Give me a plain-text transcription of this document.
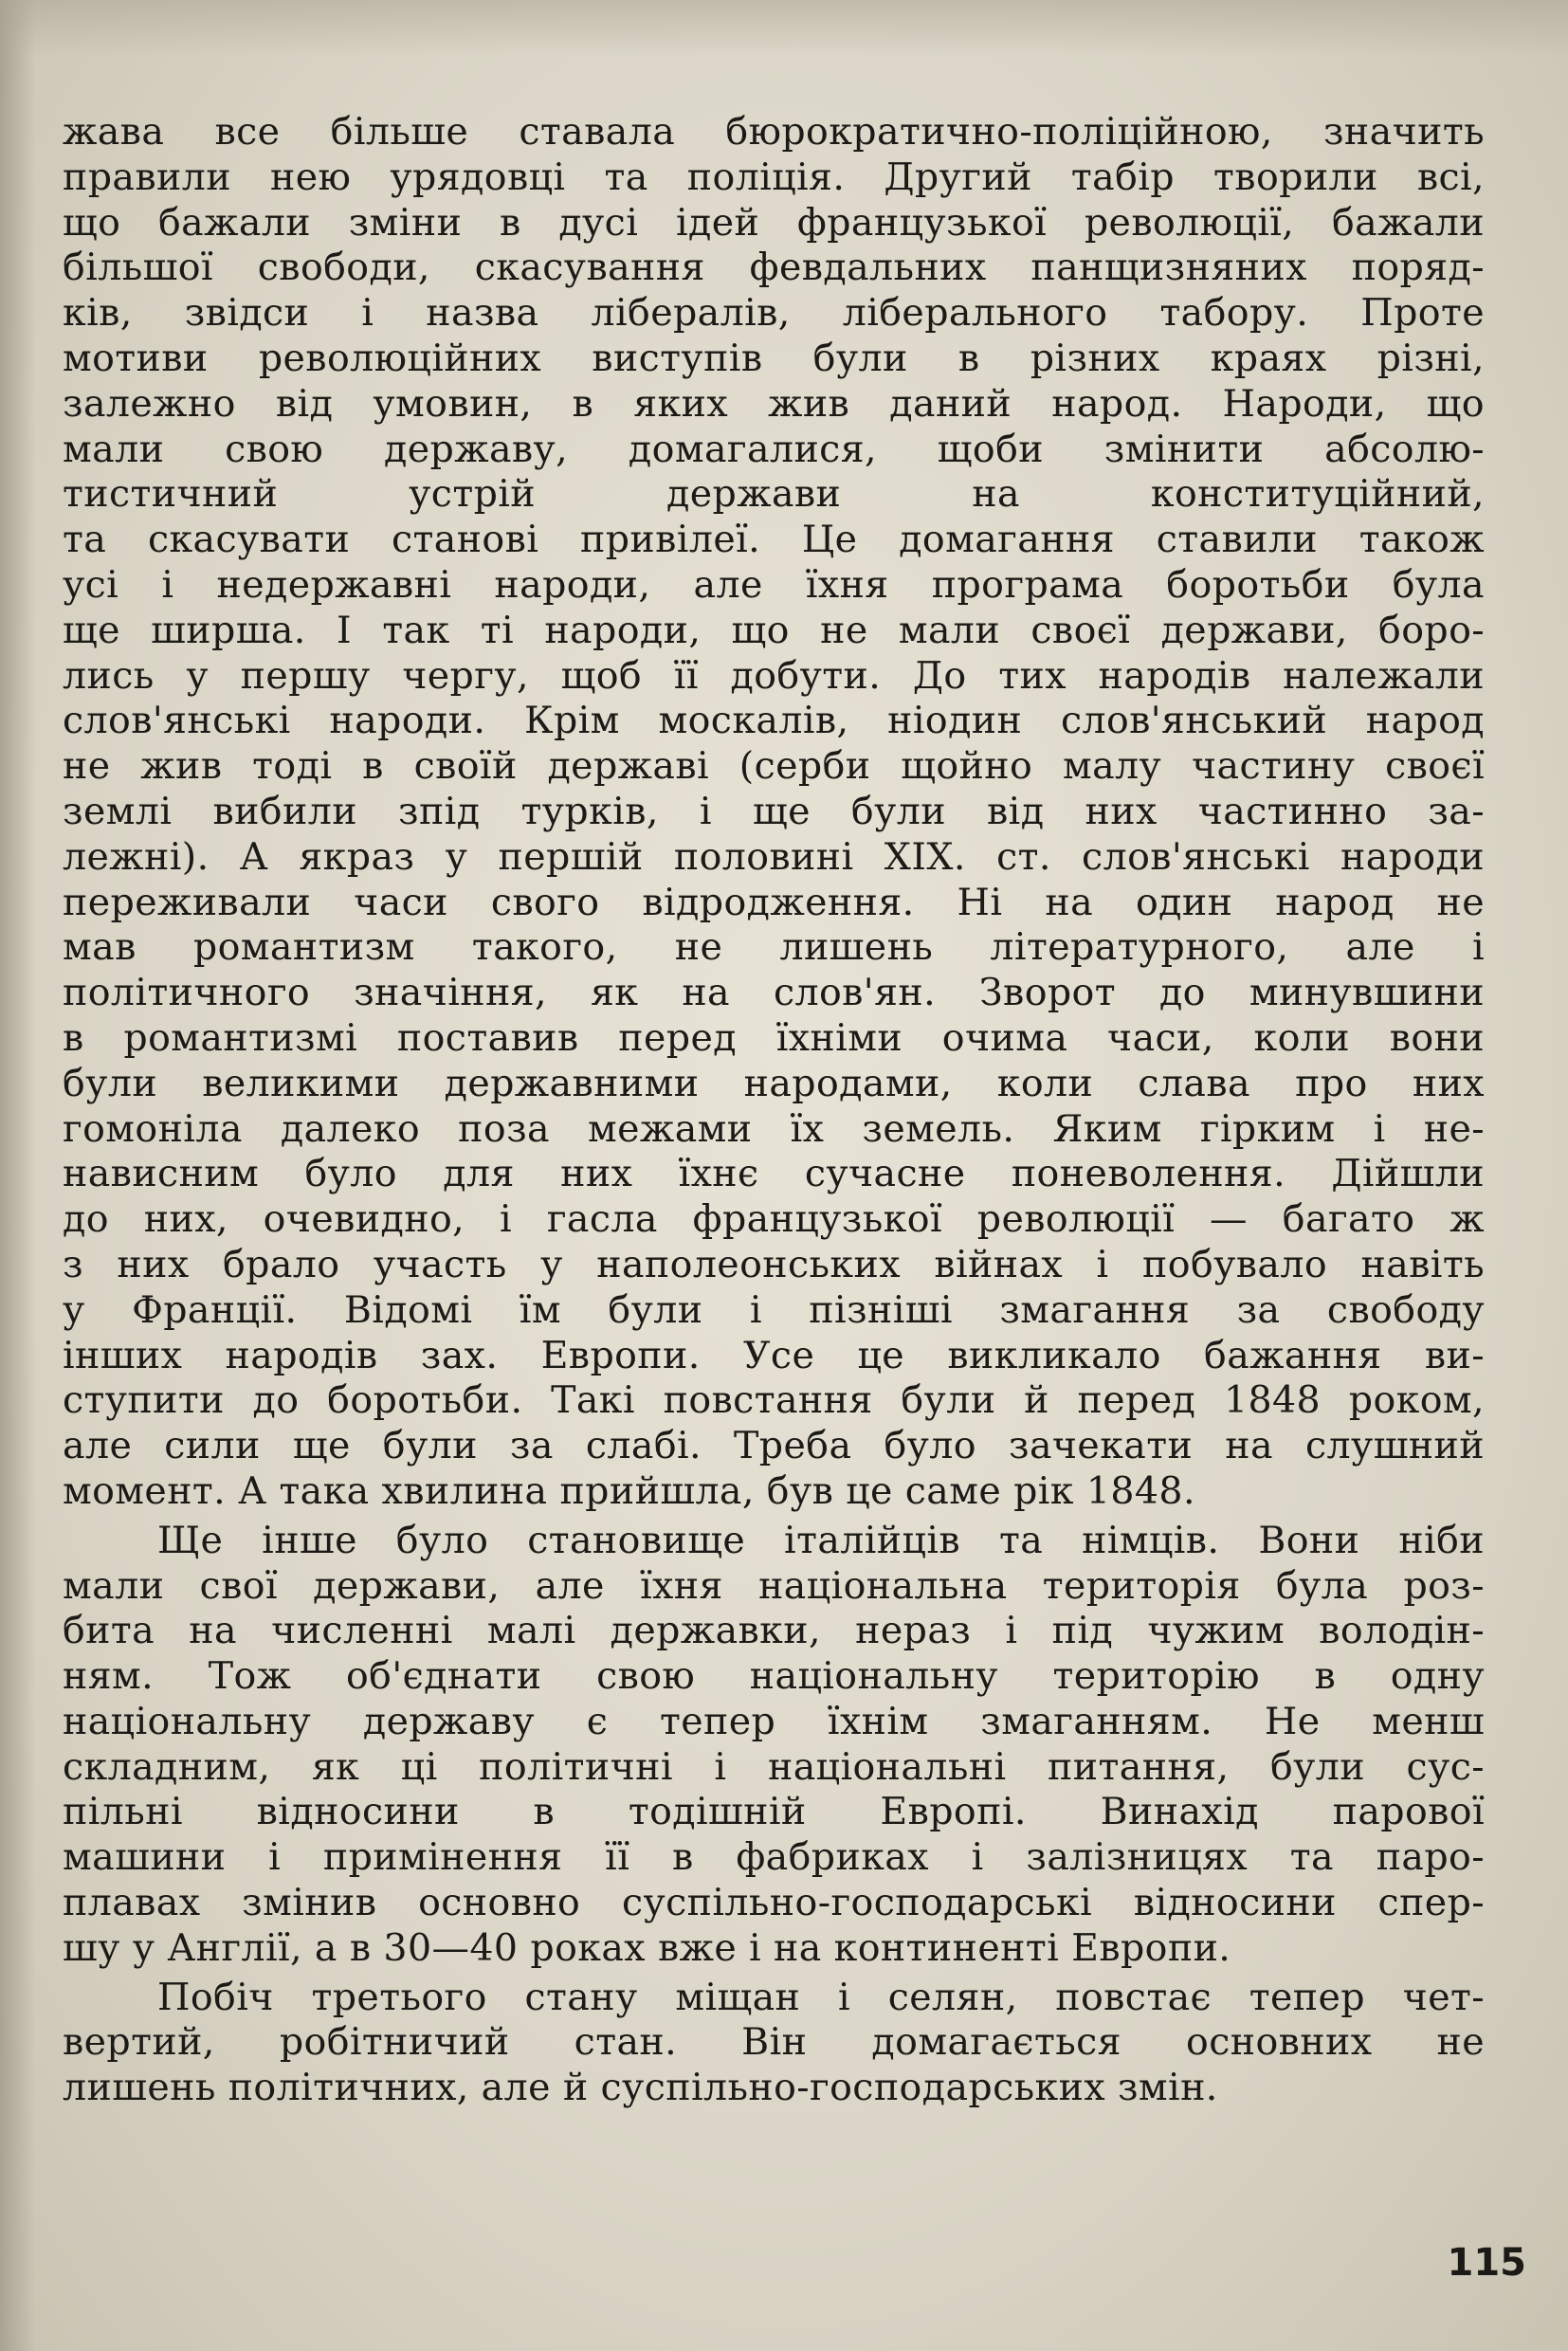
жава все більше ставала бюрократично-поліційною, значить
правили нею урядовці та поліція. Другий табір творили всі,
що бажали зміни в дусі ідей французької революції, бажали
більшої свободи, скасування февдальних панщизняних поряд-
ків, звідси і назва лібералів, ліберального табору. Проте
мотиви революційних виступів були в різних краях різні,
залежно від умовин, в яких жив даний народ. Народи, що
мали свою державу, домагалися, щоби змінити абсолю-
тистичний устрій держави на конституційний,
та скасувати станові привілеї. Це домагання ставили також
усі і недержавні народи, але їхня програма боротьби була
ще ширша. І так ті народи, що не мали своєї держави, боро-
лись у першу чергу, щоб її добути. До тих народів належали
слов'янські народи. Крім москалів, ніодин слов'янський народ
не жив тоді в своїй державі (серби щойно малу частину своєї
землі вибили зпід турків, і ще були від них частинно за-
лежні). А якраз у першій половині XIX. ст. слов'янські народи
переживали часи свого відродження. Ні на один народ не
мав романтизм такого, не лишень літературного, але і
політичного значіння, як на слов'ян. Зворот до минувшини
в романтизмі поставив перед їхніми очима часи, коли вони
були великими державними народами, коли слава про них
гомоніла далеко поза межами їх земель. Яким гірким і не-
нависним було для них їхнє сучасне поневолення. Дійшли
до них, очевидно, і гасла французької революції — багато ж
з них брало участь у наполеонських війнах і побувало навіть
у Франції. Відомі їм були і пізніші змагання за свободу
інших народів зах. Европи. Усе це викликало бажання ви-
ступити до боротьби. Такі повстання були й перед 1848 роком,
але сили ще були за слабі. Треба було зачекати на слушний
момент. А така хвилина прийшла, був це саме рік 1848.
Ще інше було становище італійців та німців. Вони ніби
мали свої держави, але їхня національна територія була роз-
бита на численні малі державки, нераз і під чужим володін-
ням. Тож об'єднати свою національну територію в одну
національну державу є тепер їхнім змаганням. Не менш
складним, як ці політичні і національні питання, були сус-
пільні відносини в тодішній Европі. Винахід парової
машини і примінення її в фабриках і залізницях та паро-
плавах змінив основно суспільно-господарські відносини спер-
шу у Англії, а в 30—40 роках вже і на континенті Европи.
Побіч третього стану міщан і селян, повстає тепер чет-
вертий, робітничий стан. Він домагається основних не
лишень політичних, але й суспільно-господарських змін.
115
